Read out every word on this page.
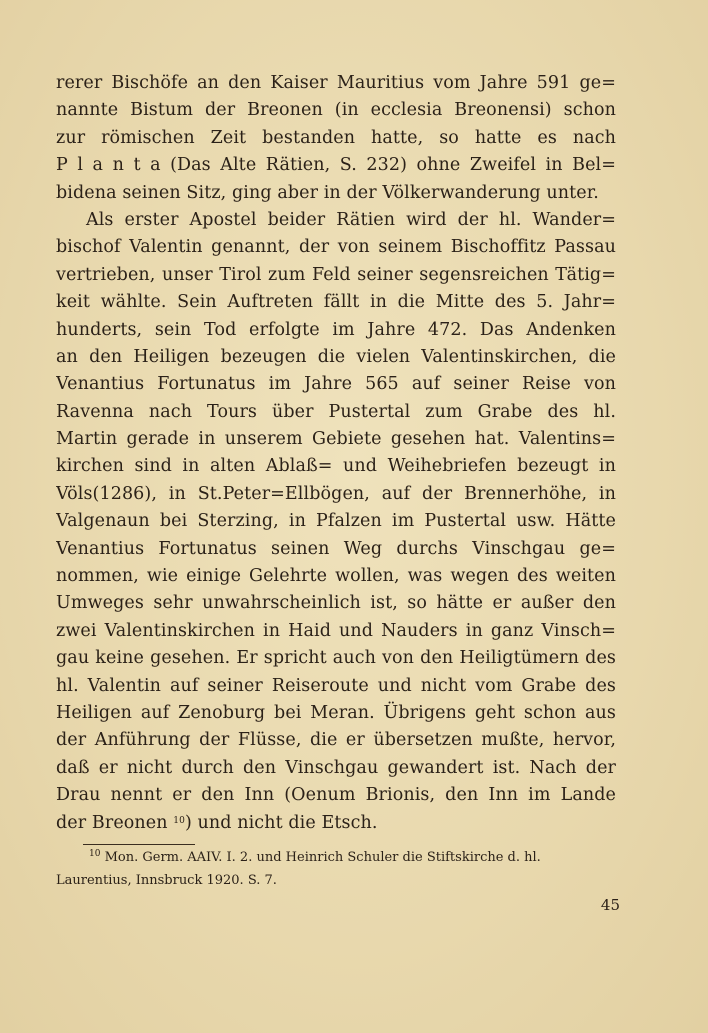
rerer Bischöfe an den Kaiser Mauritius vom Jahre 591 ge=
nannte Bistum der Breonen (in ecclesia Breonensi) schon
zur römischen Zeit bestanden hatte, so hatte es nach
P l a n t a (Das Alte Rätien, S. 232) ohne Zweifel in Bel=
bidena seinen Sitz, ging aber in der Völkerwanderung unter.
Als erster Apostel beider Rätien wird der hl. Wander=
bischof Valentin genannt, der von seinem Bischoffitz Passau
vertrieben, unser Tirol zum Feld seiner segensreichen Tätig=
keit wählte. Sein Auftreten fällt in die Mitte des 5. Jahr=
hunderts, sein Tod erfolgte im Jahre 472. Das Andenken
an den Heiligen bezeugen die vielen Valentinskirchen, die
Venantius Fortunatus im Jahre 565 auf seiner Reise von
Ravenna nach Tours über Pustertal zum Grabe des hl.
Martin gerade in unserem Gebiete gesehen hat. Valentins=
kirchen sind in alten Ablaß= und Weihebriefen bezeugt in
Völs(1286), in St.Peter=Ellbögen, auf der Brennerhöhe, in
Valgenaun bei Sterzing, in Pfalzen im Pustertal usw. Hätte
Venantius Fortunatus seinen Weg durchs Vinschgau ge=
nommen, wie einige Gelehrte wollen, was wegen des weiten
Umweges sehr unwahrscheinlich ist, so hätte er außer den
zwei Valentinskirchen in Haid und Nauders in ganz Vinsch=
gau keine gesehen. Er spricht auch von den Heiligtümern des
hl. Valentin auf seiner Reiseroute und nicht vom Grabe des
Heiligen auf Zenoburg bei Meran. Übrigens geht schon aus
der Anführung der Flüsse, die er übersetzen mußte, hervor,
daß er nicht durch den Vinschgau gewandert ist. Nach der
Drau nennt er den Inn (Oenum Brionis, den Inn im Lande
der Breonen $^{10}$) und nicht die Etsch.
$^{10}$ Mon. Germ. AAIV. I. 2. und Heinrich Schuler die Stiftskirche d. hl.
Laurentius, Innsbruck 1920. S. 7.
45
